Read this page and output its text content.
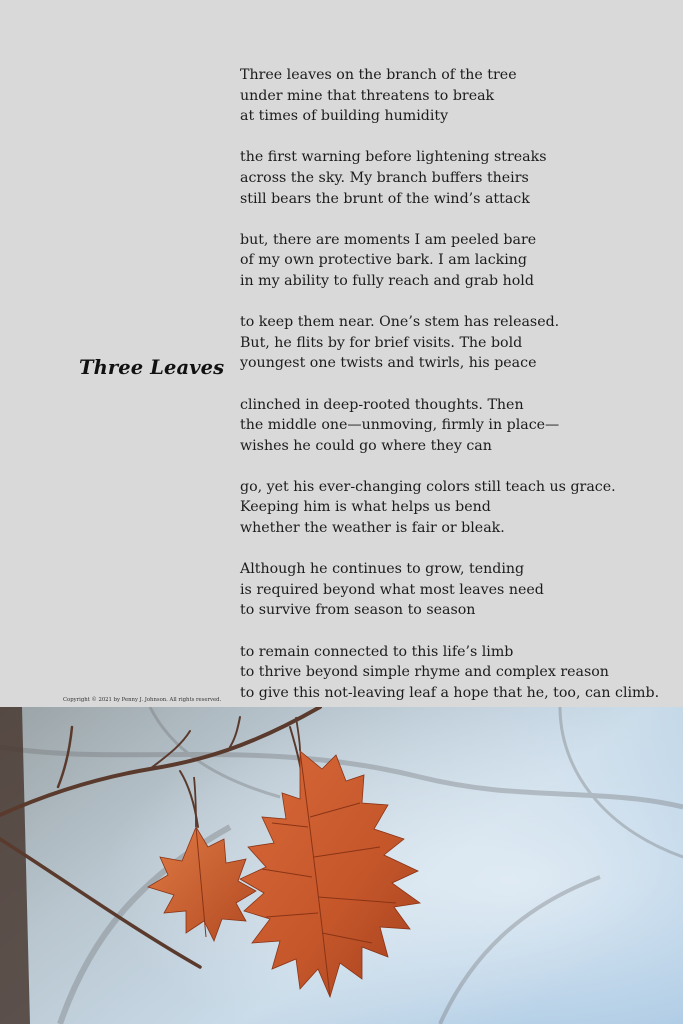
Three Leaves
Three leaves on the branch of the tree
under mine that threatens to break
at times of building humidity
the first warning before lightening streaks
across the sky. My branch buffers theirs
still bears the brunt of the wind’s attack
but, there are moments I am peeled bare
of my own protective bark. I am lacking
in my ability to fully reach and grab hold
to keep them near. One’s stem has released.
But, he flits by for brief visits. The bold
youngest one twists and twirls, his peace
clinched in deep-rooted thoughts. Then
the middle one—unmoving, firmly in place—
wishes he could go where they can
go, yet his ever-changing colors still teach us grace.
Keeping him is what helps us bend
whether the weather is fair or bleak.
Although he continues to grow, tending
is required beyond what most leaves need
to survive from season to season
to remain connected to this life’s limb
to thrive beyond simple rhyme and complex reason
to give this not-leaving leaf a hope that he, too, can climb.
Copyright © 2021 by Penny J. Johnson. All rights reserved.
